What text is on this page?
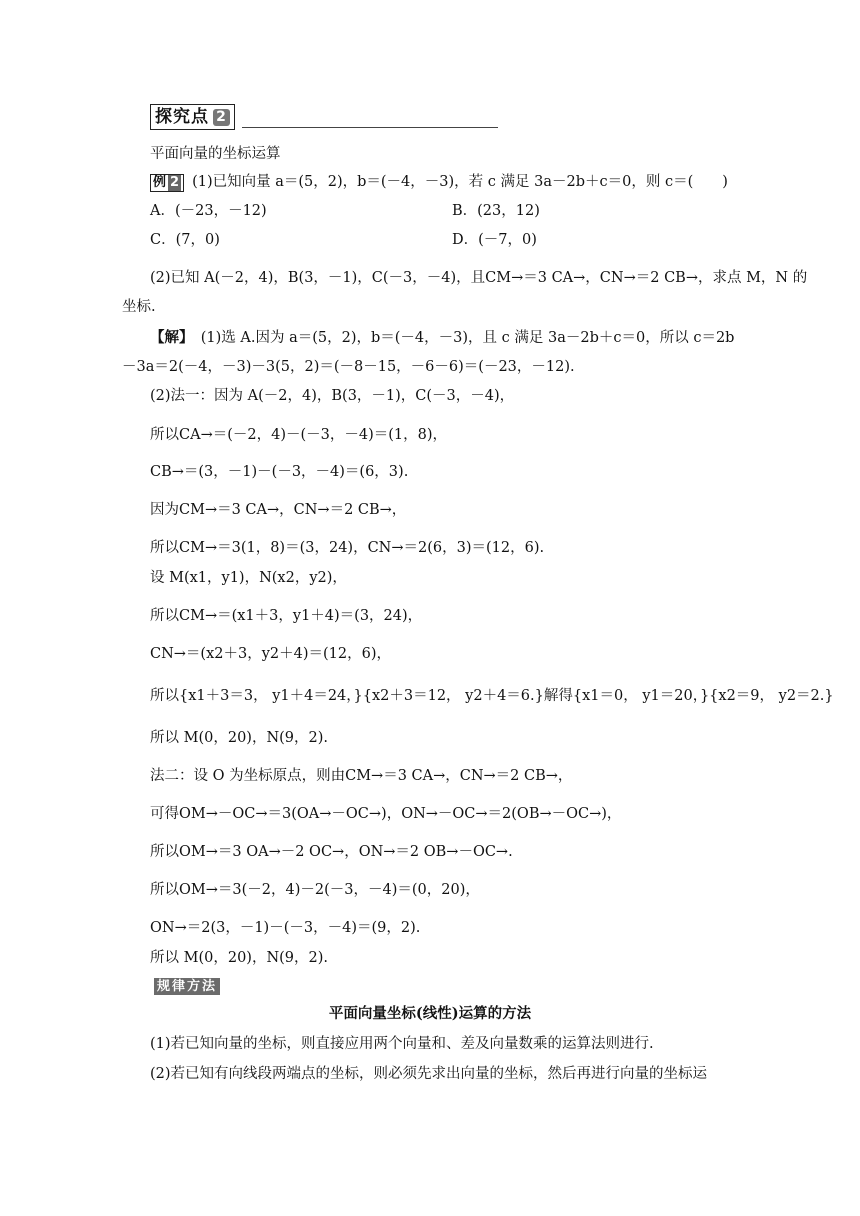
探究点 2
平面向量的坐标运算
例 2 (1)已知向量 a＝(5，2)，b＝(－4，－3)，若 c 满足 3a－2b＋c＝0，则 c＝(　　)
A．(－23，－12)	B．(23，12)
C．(7，0)	D．(－7，0)
(2)已知 A(－2，4)，B(3，－1)，C(－3，－4)，且CM→＝3 CA→，CN→＝2 CB→，求点 M，N 的
坐标.
【解】　 (1)选 A.因为 a＝(5，2)，b＝(－4，－3)，且 c 满足 3a－2b＋c＝0，所以 c＝2b
－3a＝2(－4，－3)－3(5，2)＝(－8－15，－6－6)＝(－23，－12).
(2)法一：因为 A(－2，4)，B(3，－1)，C(－3，－4)，
所以CA→＝(－2，4)－(－3，－4)＝(1，8)，
CB→＝(3，－1)－(－3，－4)＝(6，3).
因为CM→＝3 CA→，CN→＝2 CB→，
所以CM→＝3(1，8)＝(3，24)，CN→＝2(6，3)＝(12，6).
设 M(x1，y1)，N(x2，y2)，
所以CM→＝(x1＋3，y1＋4)＝(3，24)，
CN→＝(x2＋3，y2＋4)＝(12，6)，
所以{x1＋3＝3， y1＋4＝24，}{x2＋3＝12， y2＋4＝6.}解得{x1＝0， y1＝20，}{x2＝9， y2＝2.}
所以 M(0，20)，N(9，2).
法二：设 O 为坐标原点，则由CM→＝3 CA→，CN→＝2 CB→，
可得OM→－OC→＝3(OA→－OC→)，ON→－OC→＝2(OB→－OC→)，
所以OM→＝3 OA→－2 OC→，ON→＝2 OB→－OC→.
所以OM→＝3(－2，4)－2(－3，－4)＝(0，20)，
ON→＝2(3，－1)－(－3，－4)＝(9，2).
所以 M(0，20)，N(9，2).
规律方法
平面向量坐标(线性)运算的方法
(1)若已知向量的坐标，则直接应用两个向量和、差及向量数乘的运算法则进行.
(2)若已知有向线段两端点的坐标，则必须先求出向量的坐标，然后再进行向量的坐标运
